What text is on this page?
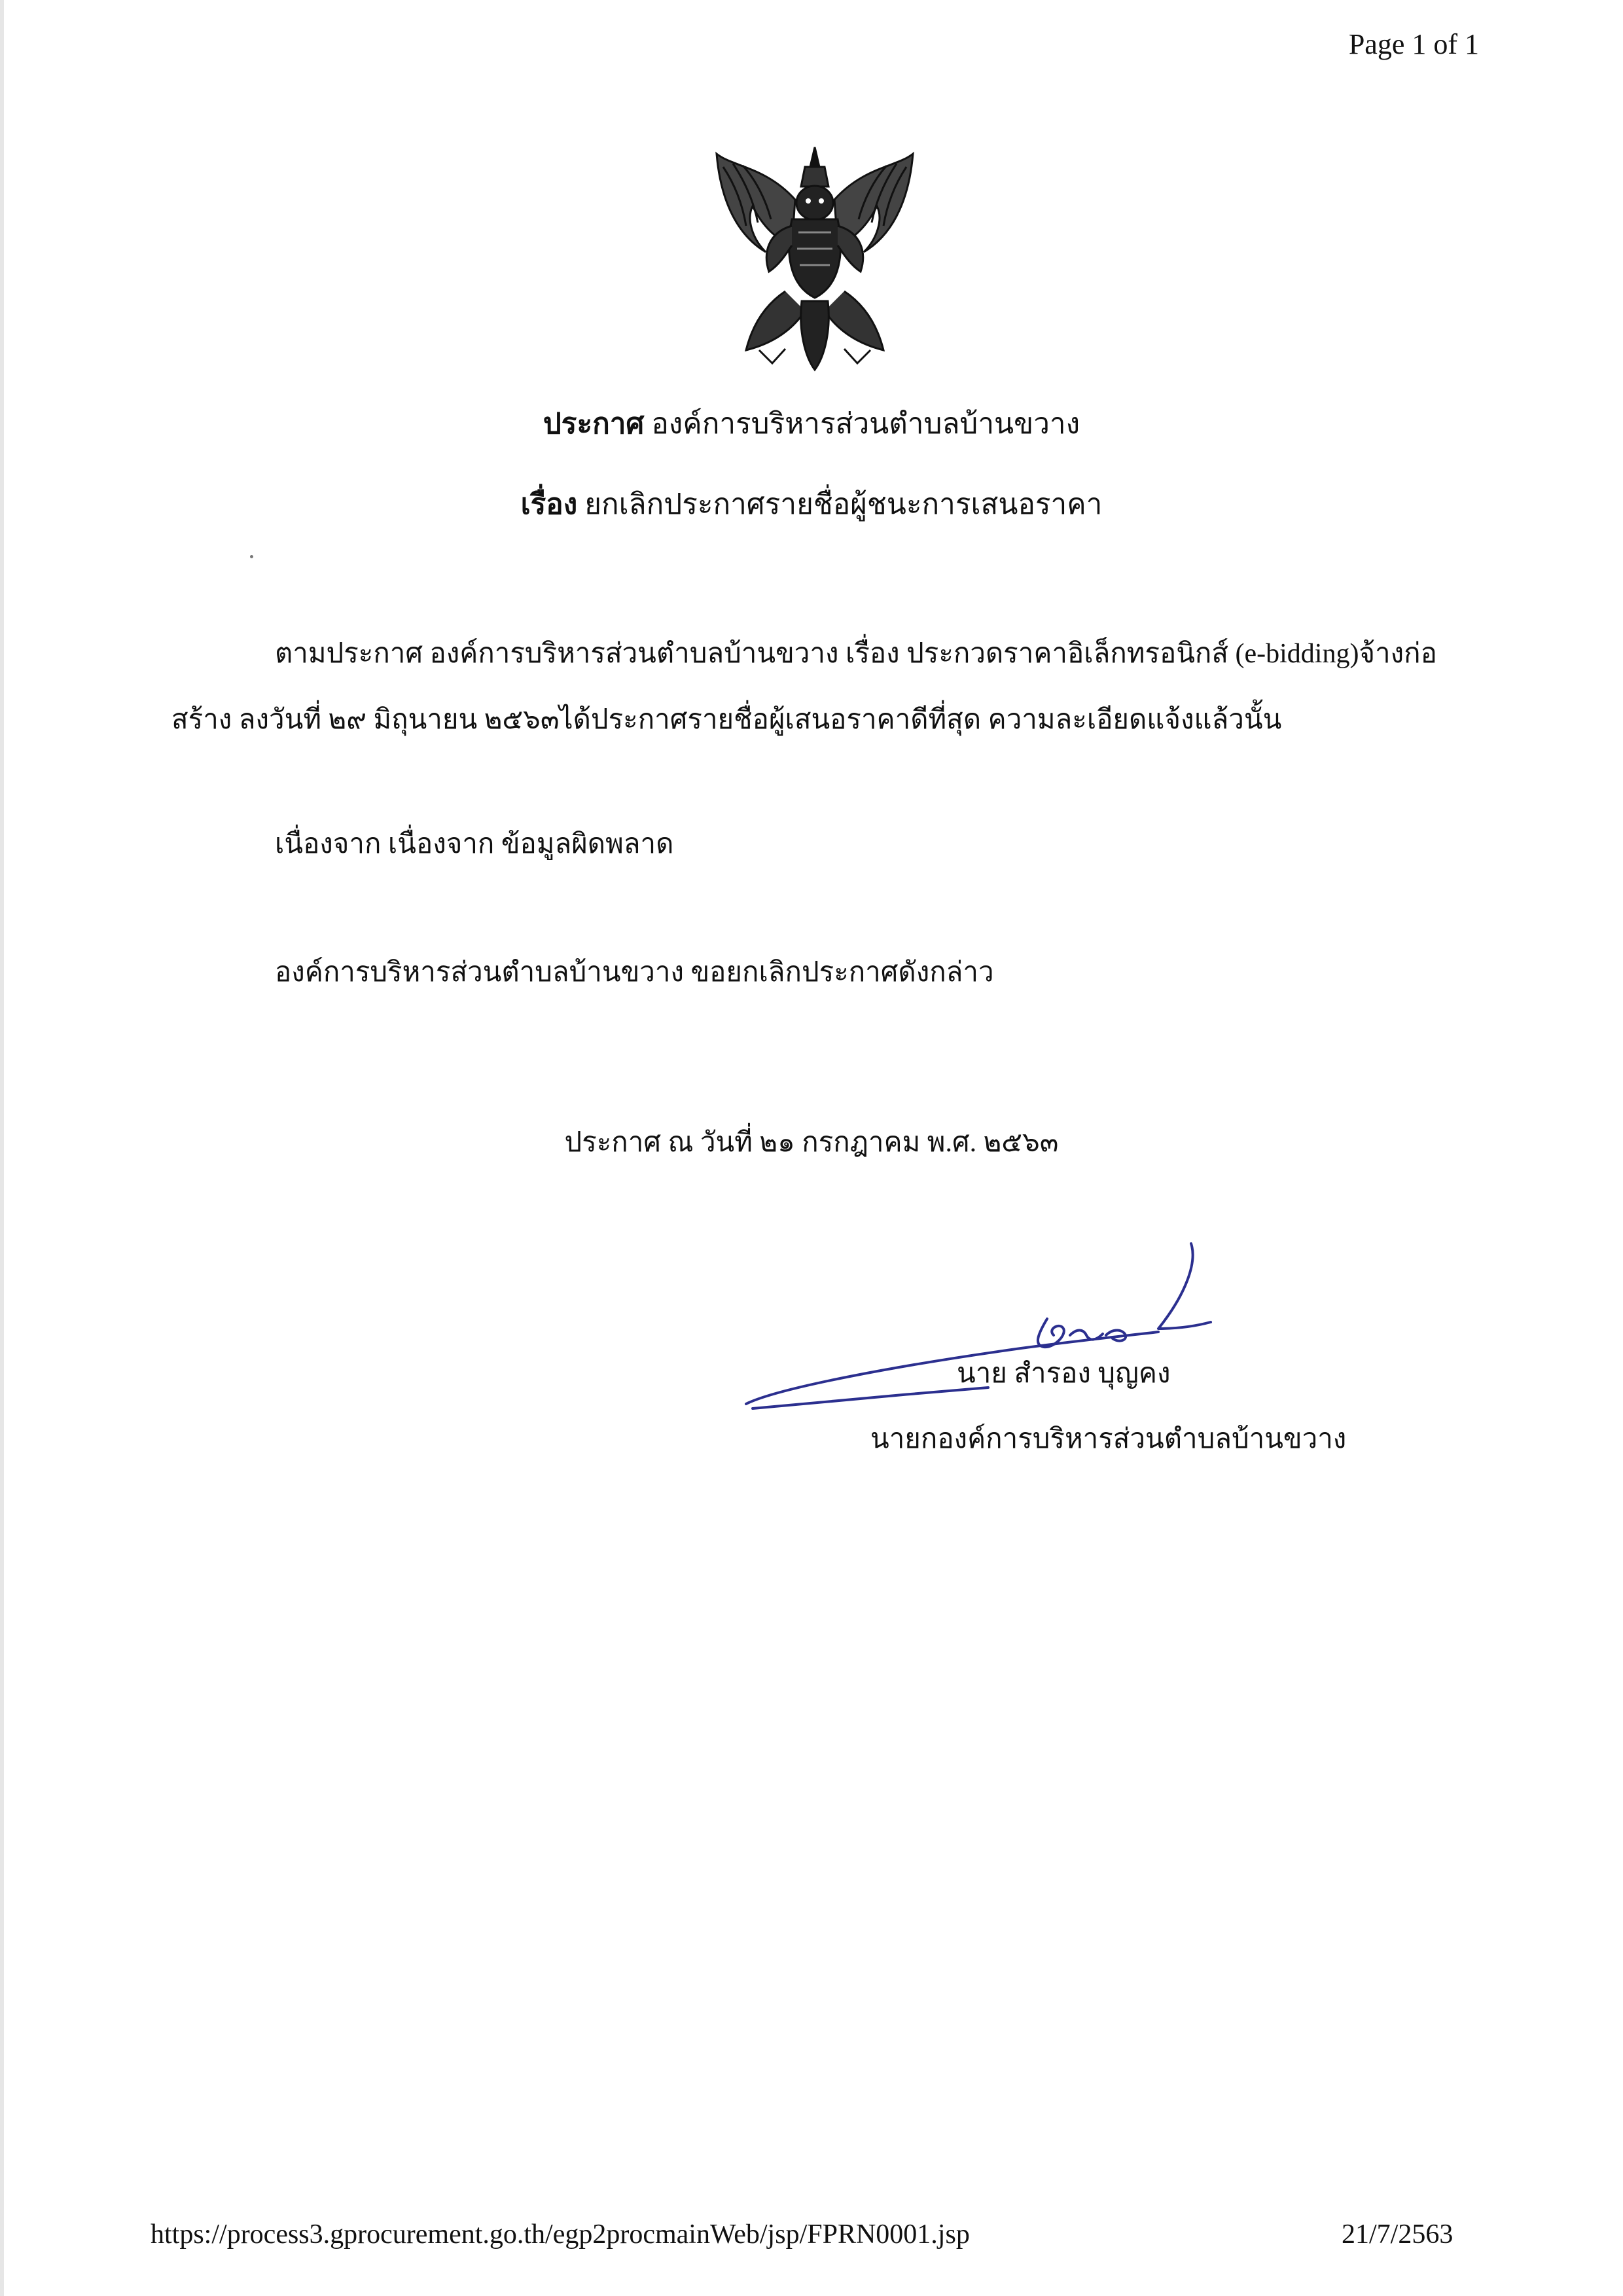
Page 1 of 1
ประกาศ องค์การบริหารส่วนตำบลบ้านขวาง
เรื่อง ยกเลิกประกาศรายชื่อผู้ชนะการเสนอราคา
ตามประกาศ องค์การบริหารส่วนตำบลบ้านขวาง เรื่อง ประกวดราคาอิเล็กทรอนิกส์ (e-bidding)จ้างก่อ
สร้าง ลงวันที่ ๒๙ มิถุนายน ๒๕๖๓ได้ประกาศรายชื่อผู้เสนอราคาดีที่สุด ความละเอียดแจ้งแล้วนั้น
เนื่องจาก เนื่องจาก ข้อมูลผิดพลาด
องค์การบริหารส่วนตำบลบ้านขวาง ขอยกเลิกประกาศดังกล่าว
ประกาศ ณ วันที่ ๒๑ กรกฎาคม พ.ศ. ๒๕๖๓
นาย สำรอง บุญคง
นายกองค์การบริหารส่วนตำบลบ้านขวาง
https://process3.gprocurement.go.th/egp2procmainWeb/jsp/FPRN0001.jsp	21/7/2563
